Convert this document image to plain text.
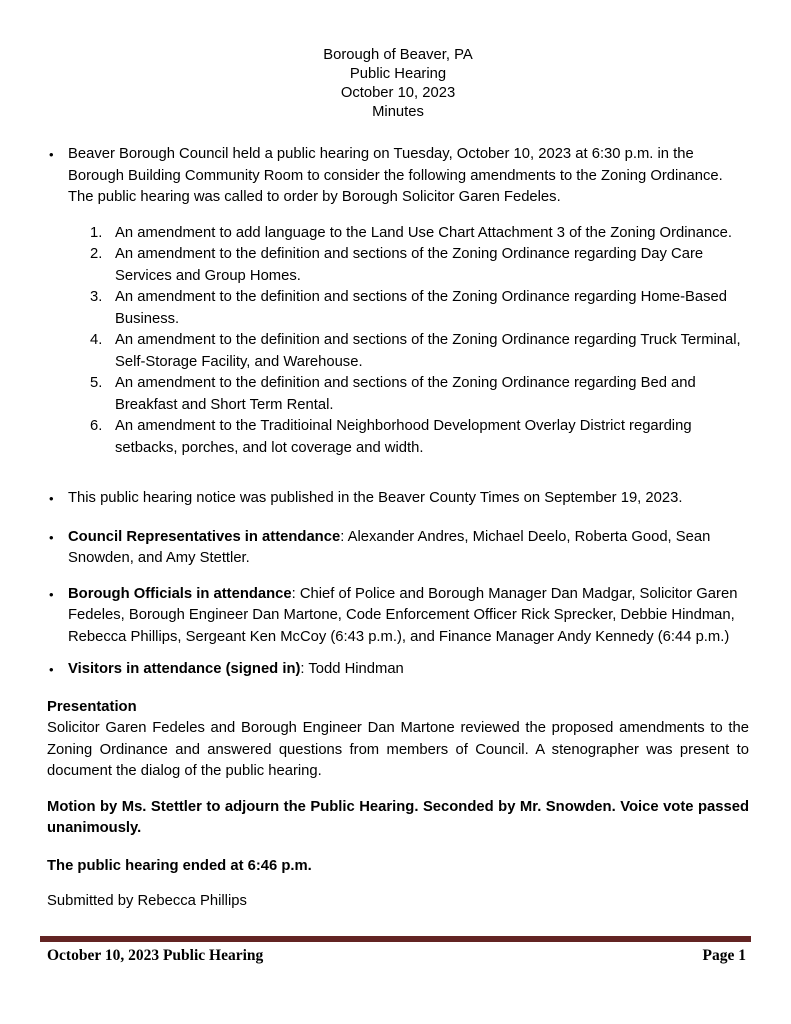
Borough of Beaver, PA
Public Hearing
October 10, 2023
Minutes
• Beaver Borough Council held a public hearing on Tuesday, October 10, 2023 at 6:30 p.m. in the Borough Building Community Room to consider the following amendments to the Zoning Ordinance. The public hearing was called to order by Borough Solicitor Garen Fedeles.
1. An amendment to add language to the Land Use Chart Attachment 3 of the Zoning Ordinance.
2. An amendment to the definition and sections of the Zoning Ordinance regarding Day Care Services and Group Homes.
3. An amendment to the definition and sections of the Zoning Ordinance regarding Home-Based Business.
4. An amendment to the definition and sections of the Zoning Ordinance regarding Truck Terminal, Self-Storage Facility, and Warehouse.
5. An amendment to the definition and sections of the Zoning Ordinance regarding Bed and Breakfast and Short Term Rental.
6. An amendment to the Traditioinal Neighborhood Development Overlay District regarding setbacks, porches, and lot coverage and width.
• This public hearing notice was published in the Beaver County Times on September 19, 2023.
• Council Representatives in attendance: Alexander Andres, Michael Deelo, Roberta Good, Sean Snowden, and Amy Stettler.
• Borough Officials in attendance: Chief of Police and Borough Manager Dan Madgar, Solicitor Garen Fedeles, Borough Engineer Dan Martone, Code Enforcement Officer Rick Sprecker, Debbie Hindman, Rebecca Phillips, Sergeant Ken McCoy (6:43 p.m.), and Finance Manager Andy Kennedy (6:44 p.m.)
• Visitors in attendance (signed in): Todd Hindman
Presentation
Solicitor Garen Fedeles and Borough Engineer Dan Martone reviewed the proposed amendments to the Zoning Ordinance and answered questions from members of Council. A stenographer was present to document the dialog of the public hearing.
Motion by Ms. Stettler to adjourn the Public Hearing. Seconded by Mr. Snowden. Voice vote passed unanimously.
The public hearing ended at 6:46 p.m.
Submitted by Rebecca Phillips
October 10, 2023 Public Hearing	Page 1
